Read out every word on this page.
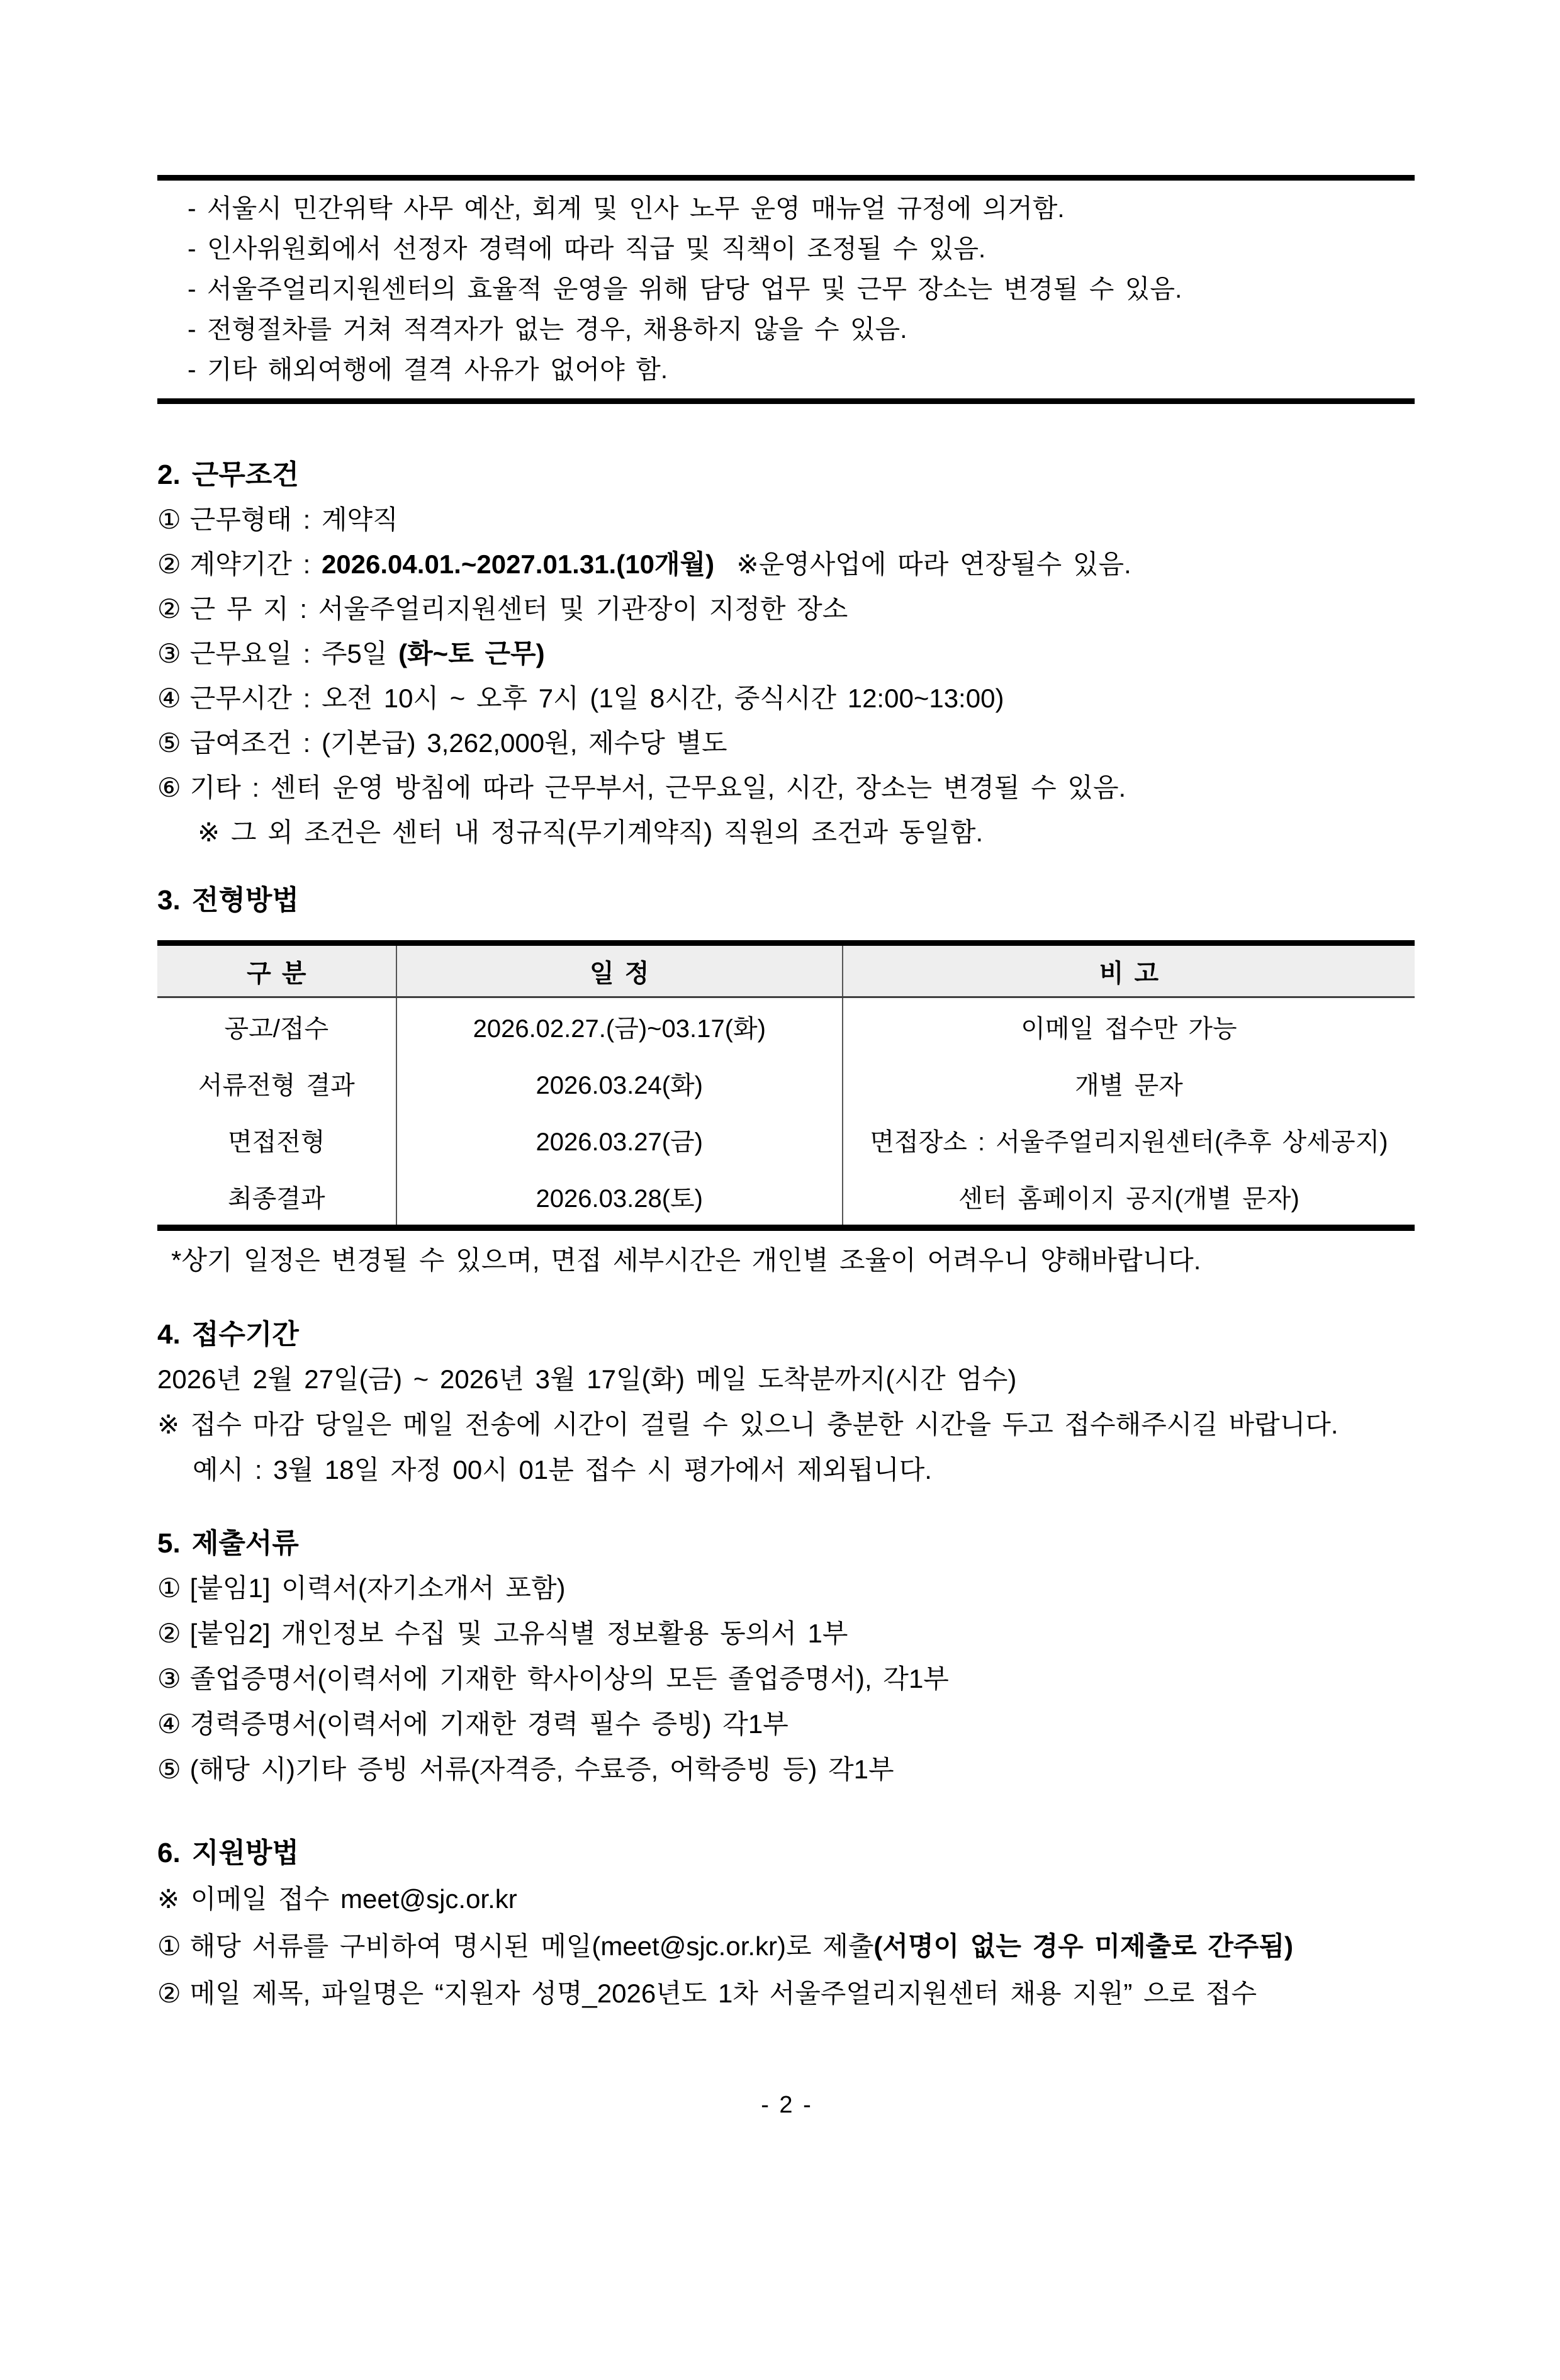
- 서울시 민간위탁 사무 예산, 회계 및 인사 노무 운영 매뉴얼 규정에 의거함.
- 인사위원회에서 선정자 경력에 따라 직급 및 직책이 조정될 수 있음.
- 서울주얼리지원센터의 효율적 운영을 위해 담당 업무 및 근무 장소는 변경될 수 있음.
- 전형절차를 거쳐 적격자가 없는 경우, 채용하지 않을 수 있음.
- 기타 해외여행에 결격 사유가 없어야 함.
2. 근무조건
① 근무형태 : 계약직
② 계약기간 : 2026.04.01.~2027.01.31.(10개월)  ※운영사업에 따라 연장될수 있음.
② 근 무 지 : 서울주얼리지원센터 및 기관장이 지정한 장소
③ 근무요일 : 주5일 (화~토 근무)
④ 근무시간 : 오전 10시 ~ 오후 7시 (1일 8시간, 중식시간 12:00~13:00)
⑤ 급여조건 : (기본급) 3,262,000원, 제수당 별도
⑥ 기타 : 센터 운영 방침에 따라 근무부서, 근무요일, 시간, 장소는 변경될 수 있음.
※ 그 외 조건은 센터 내 정규직(무기계약직) 직원의 조건과 동일함.
3. 전형방법
구 분	일 정	비 고
공고/접수	2026.02.27.(금)~03.17(화)	이메일 접수만 가능
서류전형 결과	2026.03.24(화)	개별 문자
면접전형	2026.03.27(금)	면접장소 : 서울주얼리지원센터(추후 상세공지)
최종결과	2026.03.28(토)	센터 홈페이지 공지(개별 문자)
*상기 일정은 변경될 수 있으며, 면접 세부시간은 개인별 조율이 어려우니 양해바랍니다.
4. 접수기간
2026년 2월 27일(금) ~ 2026년 3월 17일(화) 메일 도착분까지(시간 엄수)
※ 접수 마감 당일은 메일 전송에 시간이 걸릴 수 있으니 충분한 시간을 두고 접수해주시길 바랍니다.
예시 : 3월 18일 자정 00시 01분 접수 시 평가에서 제외됩니다.
5. 제출서류
① [붙임1] 이력서(자기소개서 포함)
② [붙임2] 개인정보 수집 및 고유식별 정보활용 동의서 1부
③ 졸업증명서(이력서에 기재한 학사이상의 모든 졸업증명서), 각1부
④ 경력증명서(이력서에 기재한 경력 필수 증빙) 각1부
⑤ (해당 시)기타 증빙 서류(자격증, 수료증, 어학증빙 등) 각1부
6. 지원방법
※ 이메일 접수 meet@sjc.or.kr
① 해당 서류를 구비하여 명시된 메일(meet@sjc.or.kr)로 제출(서명이 없는 경우 미제출로 간주됨)
② 메일 제목, 파일명은 “지원자 성명_2026년도 1차 서울주얼리지원센터 채용 지원” 으로 접수
- 2 -
